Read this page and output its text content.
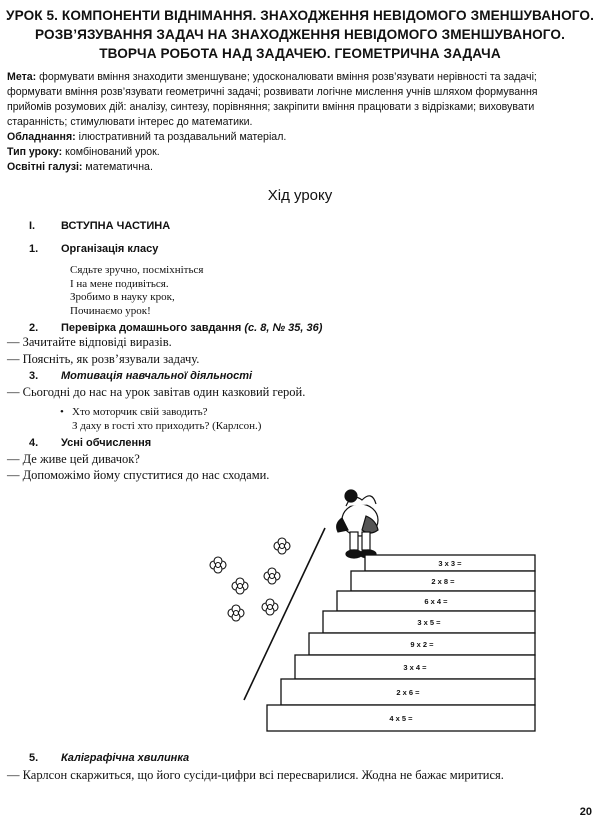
УРОК 5. КОМПОНЕНТИ ВІДНІМАННЯ. ЗНАХОДЖЕННЯ НЕВІДОМОГО ЗМЕНШУВАНОГО.
РОЗВ’ЯЗУВАННЯ ЗАДАЧ НА ЗНАХОДЖЕННЯ НЕВІДОМОГО ЗМЕНШУВАНОГО.
ТВОРЧА РОБОТА НАД ЗАДАЧЕЮ. ГЕОМЕТРИЧНА ЗАДАЧА

Мета: формувати вміння знаходити зменшуване; удосконалювати вміння розв’язувати нерівності та задачі;

формувати вміння розв’язувати геометричні задачі; розвивати логічне мислення учнів шляхом формування

прийомів розумових дій: аналізу, синтезу, порівняння; закріпити вміння працювати з відрізками; виховувати

старанність; стимулювати інтерес до математики.

Обладнання: ілюстративний та роздавальний матеріал.

Тип уроку: комбінований урок.

Освітні галузі: математична.

Хід уроку
I. ВСТУПНА ЧАСТИНА
1. Організація класу
Сядьте зручно, посміхніться
І на мене подивіться.
Зробимо в науку крок,
Починаємо урок!
2. Перевірка домашнього завдання (с. 8, № 35, 36)
— Зачитайте відповіді виразів.
— Поясніть, як розв’язували задачу.
3. Мотивація навчальної діяльності
— Сьогодні до нас на урок завітав один казковий герой.
• Хто моторчик свій заводить?
З даху в гості хто приходить? (Карлсон.)
4. Усні обчислення
— Де живе цей дивачок?
— Допоможімо йому спуститися до нас сходами.
3 х 3 =
2 х 8 =
6 х 4 =
3 х 5 =
9 х 2 =
3 х 4 =
2 х 6 =
4 х 5 =
5. Каліграфічна хвилинка
— Карлсон скаржиться, що його сусіди-цифри всі пересварилися. Жодна не бажає миритися.
20
